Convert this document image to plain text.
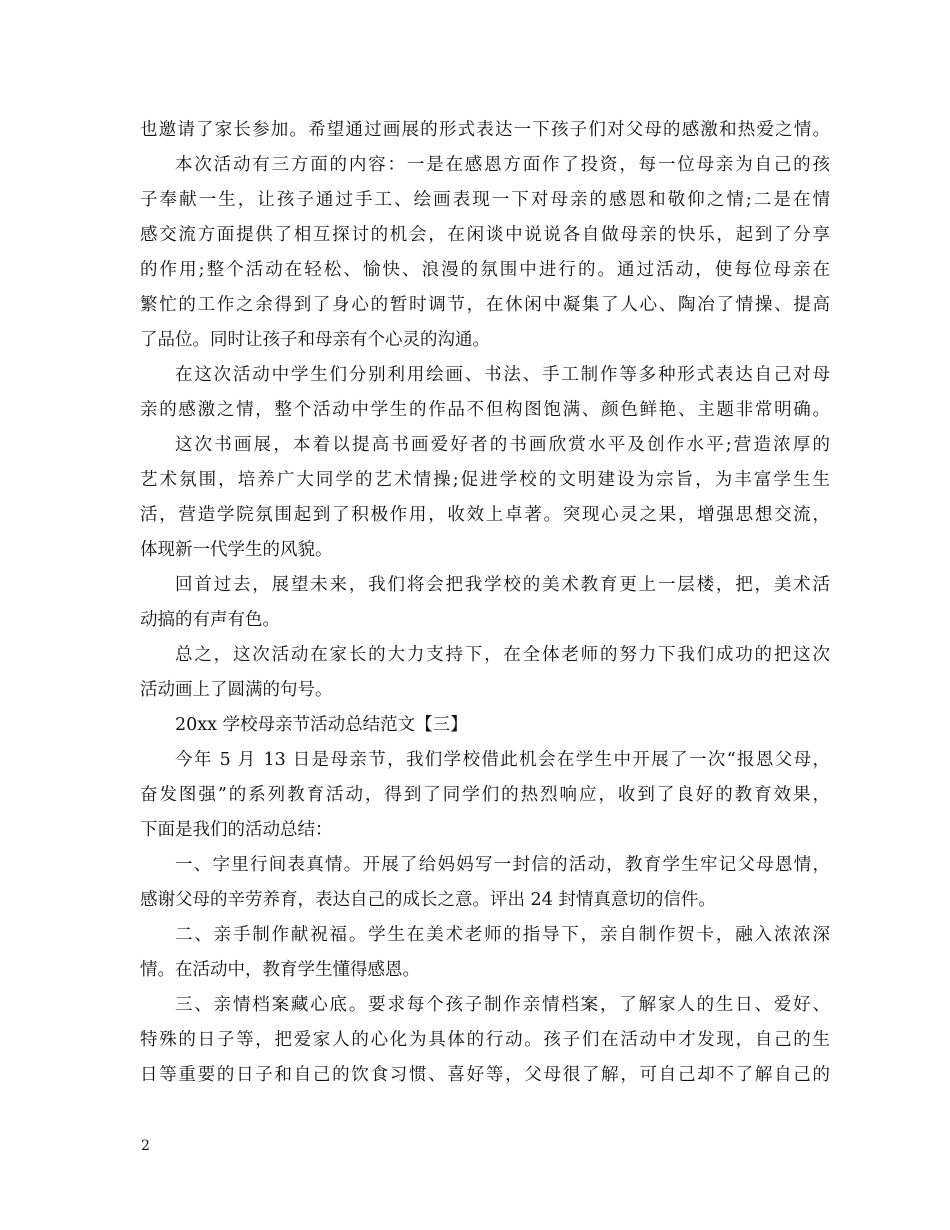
也邀请了家长参加。希望通过画展的形式表达一下孩子们对父母的感激和热爱之情。
本次活动有三方面的内容：一是在感恩方面作了投资，每一位母亲为自己的孩
子奉献一生，让孩子通过手工、绘画表现一下对母亲的感恩和敬仰之情;二是在情
感交流方面提供了相互探讨的机会，在闲谈中说说各自做母亲的快乐，起到了分享
的作用;整个活动在轻松、愉快、浪漫的氛围中进行的。通过活动，使每位母亲在
繁忙的工作之余得到了身心的暂时调节，在休闲中凝集了人心、陶冶了情操、提高
了品位。同时让孩子和母亲有个心灵的沟通。
在这次活动中学生们分别利用绘画、书法、手工制作等多种形式表达自己对母
亲的感激之情，整个活动中学生的作品不但构图饱满、颜色鲜艳、主题非常明确。
这次书画展，本着以提高书画爱好者的书画欣赏水平及创作水平;营造浓厚的
艺术氛围，培养广大同学的艺术情操;促进学校的文明建设为宗旨，为丰富学生生
活，营造学院氛围起到了积极作用，收效上卓著。突现心灵之果，增强思想交流，
体现新一代学生的风貌。
回首过去，展望未来，我们将会把我学校的美术教育更上一层楼，把，美术活
动搞的有声有色。
总之，这次活动在家长的大力支持下，在全体老师的努力下我们成功的把这次
活动画上了圆满的句号。
20xx 学校母亲节活动总结范文【三】
今年 5 月 13 日是母亲节，我们学校借此机会在学生中开展了一次“报恩父母，
奋发图强”的系列教育活动，得到了同学们的热烈响应，收到了良好的教育效果，
下面是我们的活动总结：
一、字里行间表真情。开展了给妈妈写一封信的活动，教育学生牢记父母恩情，
感谢父母的辛劳养育，表达自己的成长之意。评出 24 封情真意切的信件。
二、亲手制作献祝福。学生在美术老师的指导下，亲自制作贺卡，融入浓浓深
情。在活动中，教育学生懂得感恩。
三、亲情档案藏心底。要求每个孩子制作亲情档案，了解家人的生日、爱好、
特殊的日子等，把爱家人的心化为具体的行动。孩子们在活动中才发现，自己的生
日等重要的日子和自己的饮食习惯、喜好等，父母很了解，可自己却不了解自己的
2
